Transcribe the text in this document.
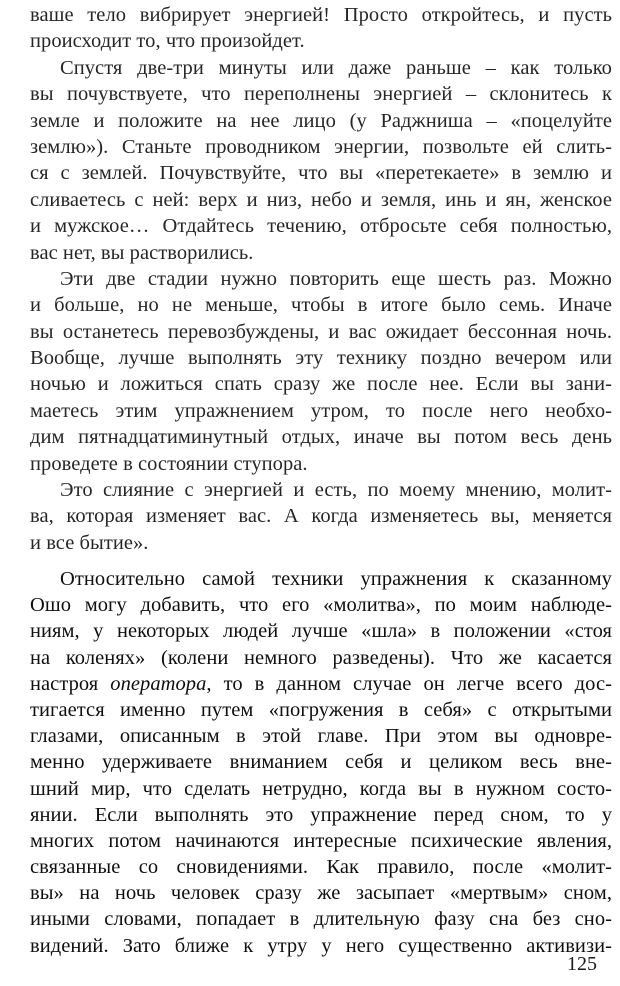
ваше тело вибрирует энергией! Просто откройтесь, и пусть
происходит то, что произойдет.
Спустя две-три минуты или даже раньше – как только
вы почувствуете, что переполнены энергией – склонитесь к
земле и положите на нее лицо (у Раджниша – «поцелуйте
землю»). Станьте проводником энергии, позвольте ей слить-
ся с землей. Почувствуйте, что вы «перетекаете» в землю и
сливаетесь с ней: верх и низ, небо и земля, инь и ян, женское
и мужское… Отдайтесь течению, отбросьте себя полностью,
вас нет, вы растворились.
Эти две стадии нужно повторить еще шесть раз. Можно
и больше, но не меньше, чтобы в итоге было семь. Иначе
вы останетесь перевозбуждены, и вас ожидает бессонная ночь.
Вообще, лучше выполнять эту технику поздно вечером или
ночью и ложиться спать сразу же после нее. Если вы зани-
маетесь этим упражнением утром, то после него необхо-
дим пятнадцатиминутный отдых, иначе вы потом весь день
проведете в состоянии ступора.
Это слияние с энергией и есть, по моему мнению, молит-
ва, которая изменяет вас. А когда изменяетесь вы, меняется
и все бытие».
Относительно самой техники упражнения к сказанному
Ошо могу добавить, что его «молитва», по моим наблюде-
ниям, у некоторых людей лучше «шла» в положении «стоя
на коленях» (колени немного разведены). Что же касается
настроя оператора, то в данном случае он легче всего дос-
тигается именно путем «погружения в себя» с открытыми
глазами, описанным в этой главе. При этом вы одновре-
менно удерживаете вниманием себя и целиком весь вне-
шний мир, что сделать нетрудно, когда вы в нужном состо-
янии. Если выполнять это упражнение перед сном, то у
многих потом начинаются интересные психические явления,
связанные со сновидениями. Как правило, после «молит-
вы» на ночь человек сразу же засыпает «мертвым» сном,
иными словами, попадает в длительную фазу сна без сно-
видений. Зато ближе к утру у него существенно активизи-
125
